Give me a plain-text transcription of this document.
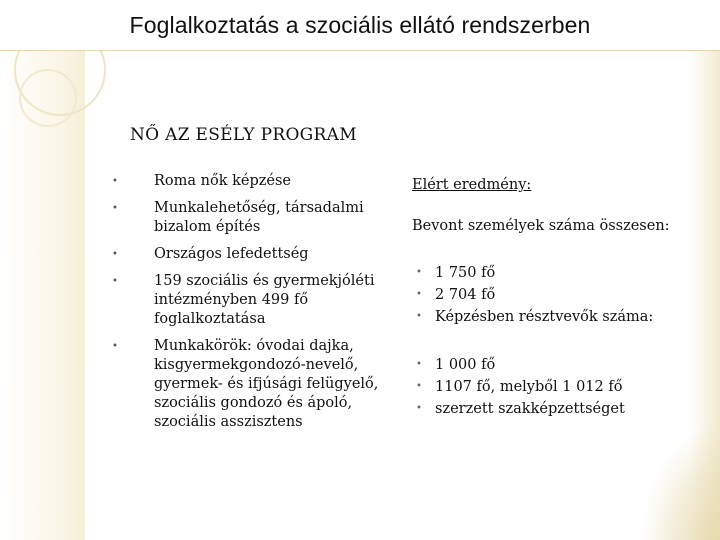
Foglalkoztatás a szociális ellátó rendszerben
NŐ AZ ESÉLY PROGRAM
• Roma nők képzése
• Munkalehetőség, társadalmi bizalom építés
• Országos lefedettség
• 159 szociális és gyermekjóléti intézményben 499 fő foglalkoztatása
• Munkakörök: óvodai dajka, kisgyermekgondozó-nevelő, gyermek- és ifjúsági felügyelő, szociális gondozó és ápoló, szociális asszisztens
Elért eredmény:
Bevont személyek száma összesen:
• 1 750 fő
• 2 704 fő
• Képzésben résztvevők száma:
• 1 000 fő
• 1107 fő, melyből 1 012 fő
• szerzett szakképzettséget
